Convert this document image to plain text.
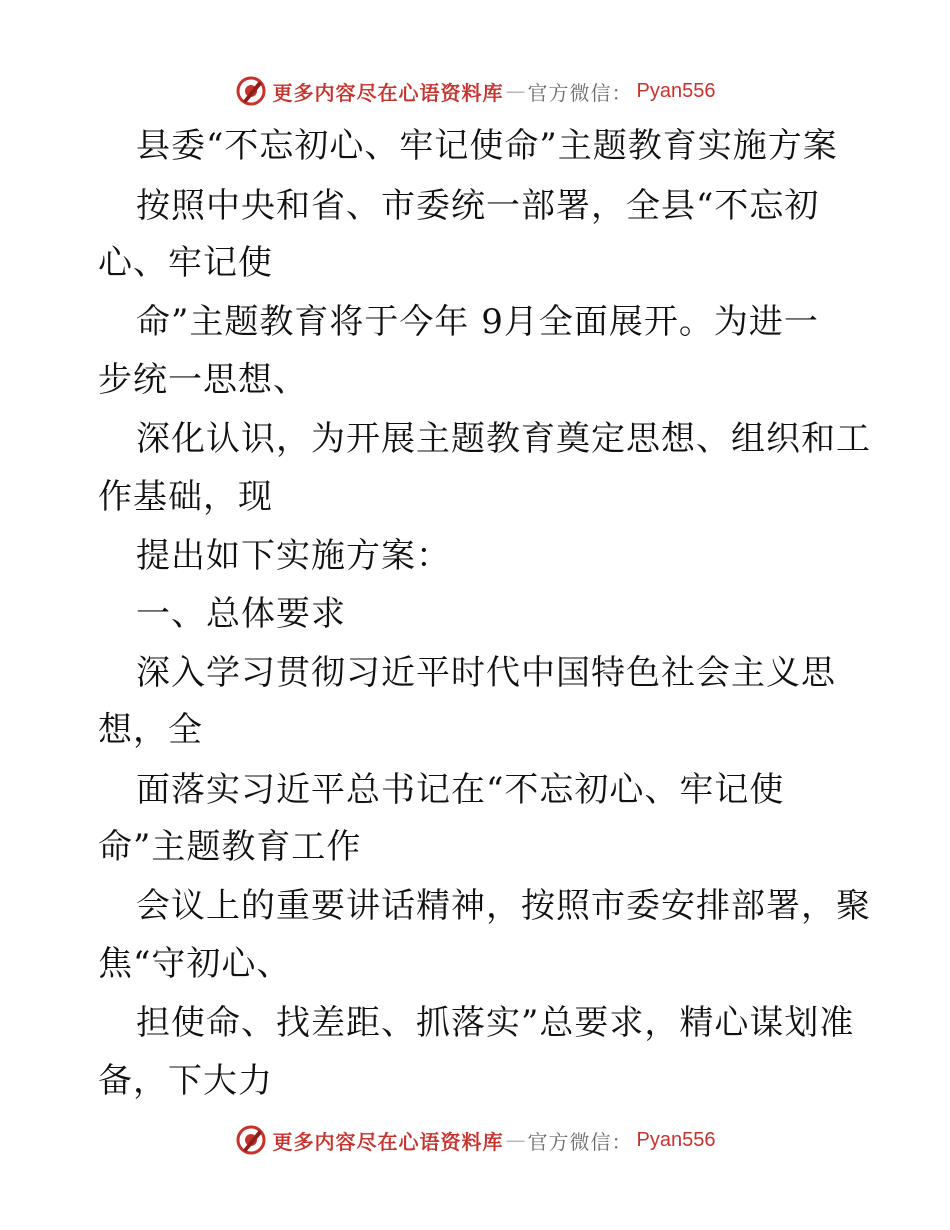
更多内容尽在心语资料库 — 官方微信： Pyan556
县委“不忘初心、牢记使命”主题教育实施方案
按照中央和省、市委统一部署，全县“不忘初
心、牢记使
命”主题教育将于今年 9月全面展开。为进一
步统一思想、
深化认识，为开展主题教育奠定思想、组织和工
作基础，现
提出如下实施方案：
一、总体要求
深入学习贯彻习近平时代中国特色社会主义思
想，全
面落实习近平总书记在“不忘初心、牢记使
命”主题教育工作
会议上的重要讲话精神，按照市委安排部署，聚
焦“守初心、
担使命、找差距、抓落实”总要求，精心谋划准
备，下大力
更多内容尽在心语资料库 — 官方微信： Pyan556
